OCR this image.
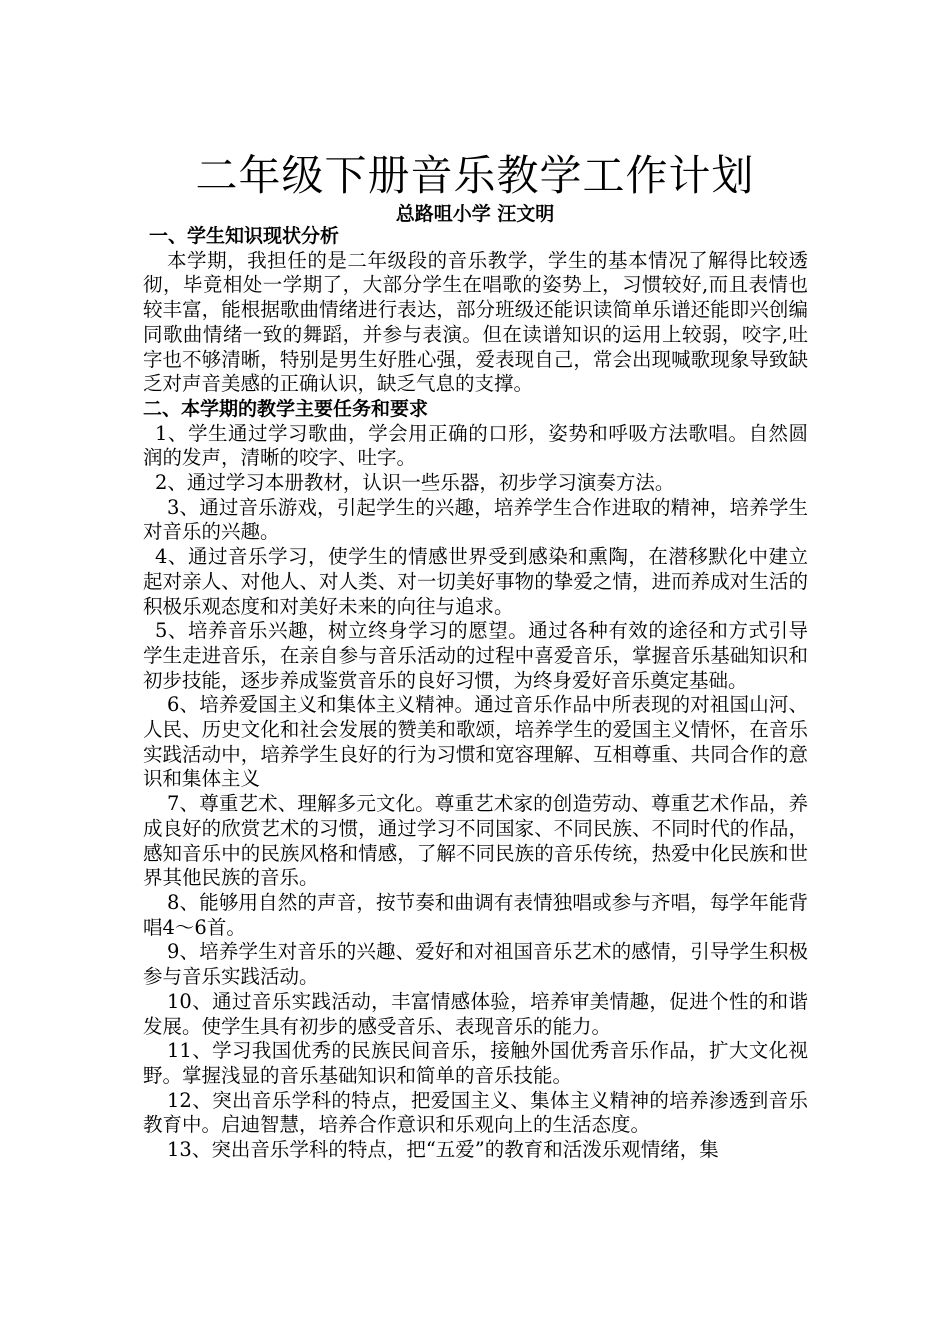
二年级下册音乐教学工作计划

总路咀小学 汪文明

一、学生知识现状分析

本学期，我担任的是二年级段的音乐教学，学生的基本情况了解得比较透彻，毕竟相处一学期了，大部分学生在唱歌的姿势上，习惯较好,而且表情也较丰富，能根据歌曲情绪进行表达，部分班级还能识读简单乐谱还能即兴创编同歌曲情绪一致的舞蹈，并参与表演。但在读谱知识的运用上较弱，咬字,吐字也不够清晰，特别是男生好胜心强，爱表现自己，常会出现喊歌现象导致缺乏对声音美感的正确认识，缺乏气息的支撑。

二、本学期的教学主要任务和要求

1、学生通过学习歌曲，学会用正确的口形，姿势和呼吸方法歌唱。自然圆润的发声，清晰的咬字、吐字。

2、通过学习本册教材，认识一些乐器，初步学习演奏方法。

3、通过音乐游戏，引起学生的兴趣，培养学生合作进取的精神，培养学生对音乐的兴趣。

4、通过音乐学习，使学生的情感世界受到感染和熏陶，在潜移默化中建立起对亲人、对他人、对人类、对一切美好事物的挚爱之情，进而养成对生活的积极乐观态度和对美好未来的向往与追求。

5、培养音乐兴趣，树立终身学习的愿望。通过各种有效的途径和方式引导学生走进音乐，在亲自参与音乐活动的过程中喜爱音乐，掌握音乐基础知识和初步技能，逐步养成鉴赏音乐的良好习惯，为终身爱好音乐奠定基础。

6、培养爱国主义和集体主义精神。通过音乐作品中所表现的对祖国山河、人民、历史文化和社会发展的赞美和歌颂，培养学生的爱国主义情怀，在音乐实践活动中，培养学生良好的行为习惯和宽容理解、互相尊重、共同合作的意识和集体主义

7、尊重艺术、理解多元文化。尊重艺术家的创造劳动、尊重艺术作品，养成良好的欣赏艺术的习惯，通过学习不同国家、不同民族、不同时代的作品，感知音乐中的民族风格和情感，了解不同民族的音乐传统，热爱中化民族和世界其他民族的音乐。

8、能够用自然的声音，按节奏和曲调有表情独唱或参与齐唱，每学年能背唱4～6首。

9、培养学生对音乐的兴趣、爱好和对祖国音乐艺术的感情，引导学生积极参与音乐实践活动。

10、通过音乐实践活动，丰富情感体验，培养审美情趣，促进个性的和谐发展。使学生具有初步的感受音乐、表现音乐的能力。

11、学习我国优秀的民族民间音乐，接触外国优秀音乐作品，扩大文化视野。掌握浅显的音乐基础知识和简单的音乐技能。

12、突出音乐学科的特点，把爱国主义、集体主义精神的培养渗透到音乐教育中。启迪智慧，培养合作意识和乐观向上的生活态度。

13、突出音乐学科的特点，把“五爱”的教育和活泼乐观情绪，集
